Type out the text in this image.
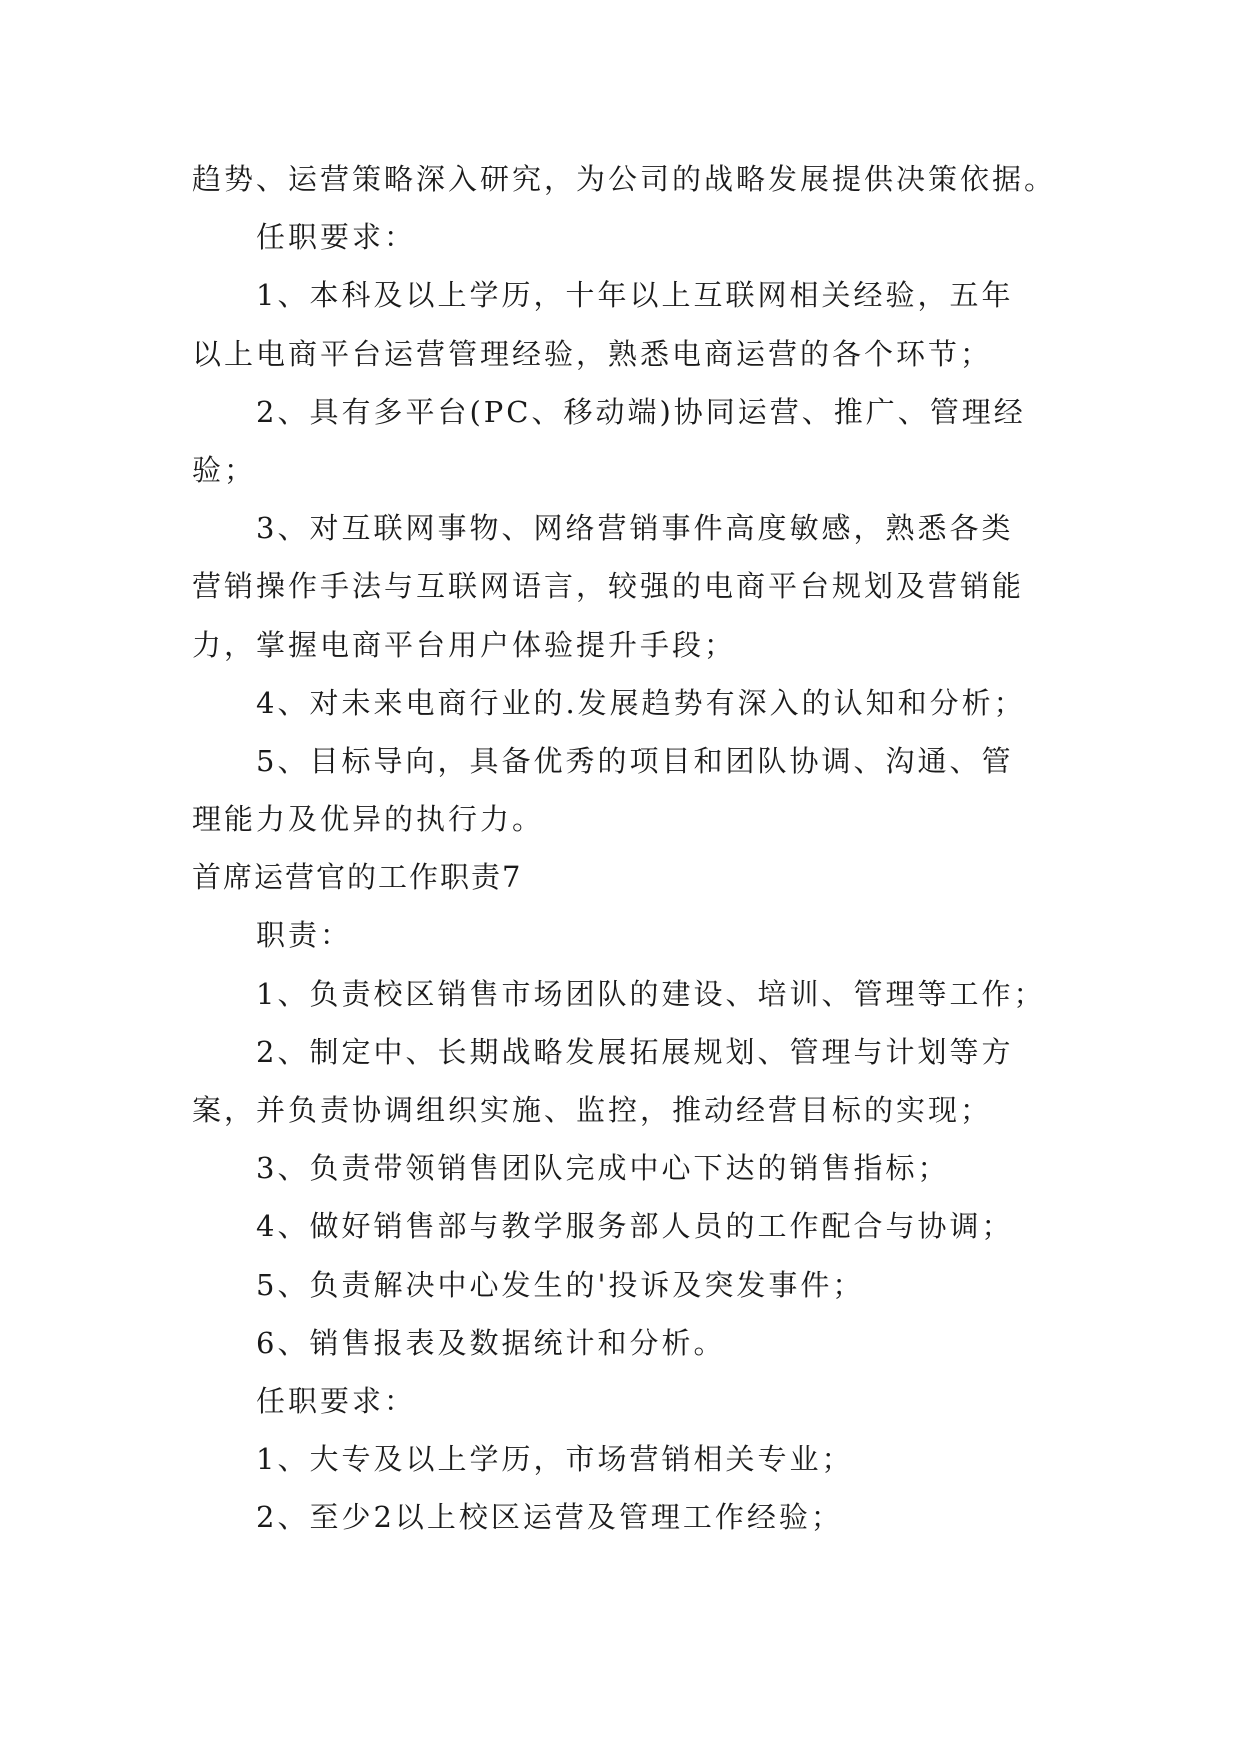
趋势、运营策略深入研究，为公司的战略发展提供决策依据。
任职要求：
1、本科及以上学历，十年以上互联网相关经验，五年
以上电商平台运营管理经验，熟悉电商运营的各个环节；
2、具有多平台(PC、移动端)协同运营、推广、管理经
验；
3、对互联网事物、网络营销事件高度敏感，熟悉各类
营销操作手法与互联网语言，较强的电商平台规划及营销能
力，掌握电商平台用户体验提升手段；
4、对未来电商行业的.发展趋势有深入的认知和分析；
5、目标导向，具备优秀的项目和团队协调、沟通、管
理能力及优异的执行力。
首席运营官的工作职责7
职责：
1、负责校区销售市场团队的建设、培训、管理等工作；
2、制定中、长期战略发展拓展规划、管理与计划等方
案，并负责协调组织实施、监控，推动经营目标的实现；
3、负责带领销售团队完成中心下达的销售指标；
4、做好销售部与教学服务部人员的工作配合与协调；
5、负责解决中心发生的'投诉及突发事件；
6、销售报表及数据统计和分析。
任职要求：
1、大专及以上学历，市场营销相关专业；
2、至少2以上校区运营及管理工作经验；
